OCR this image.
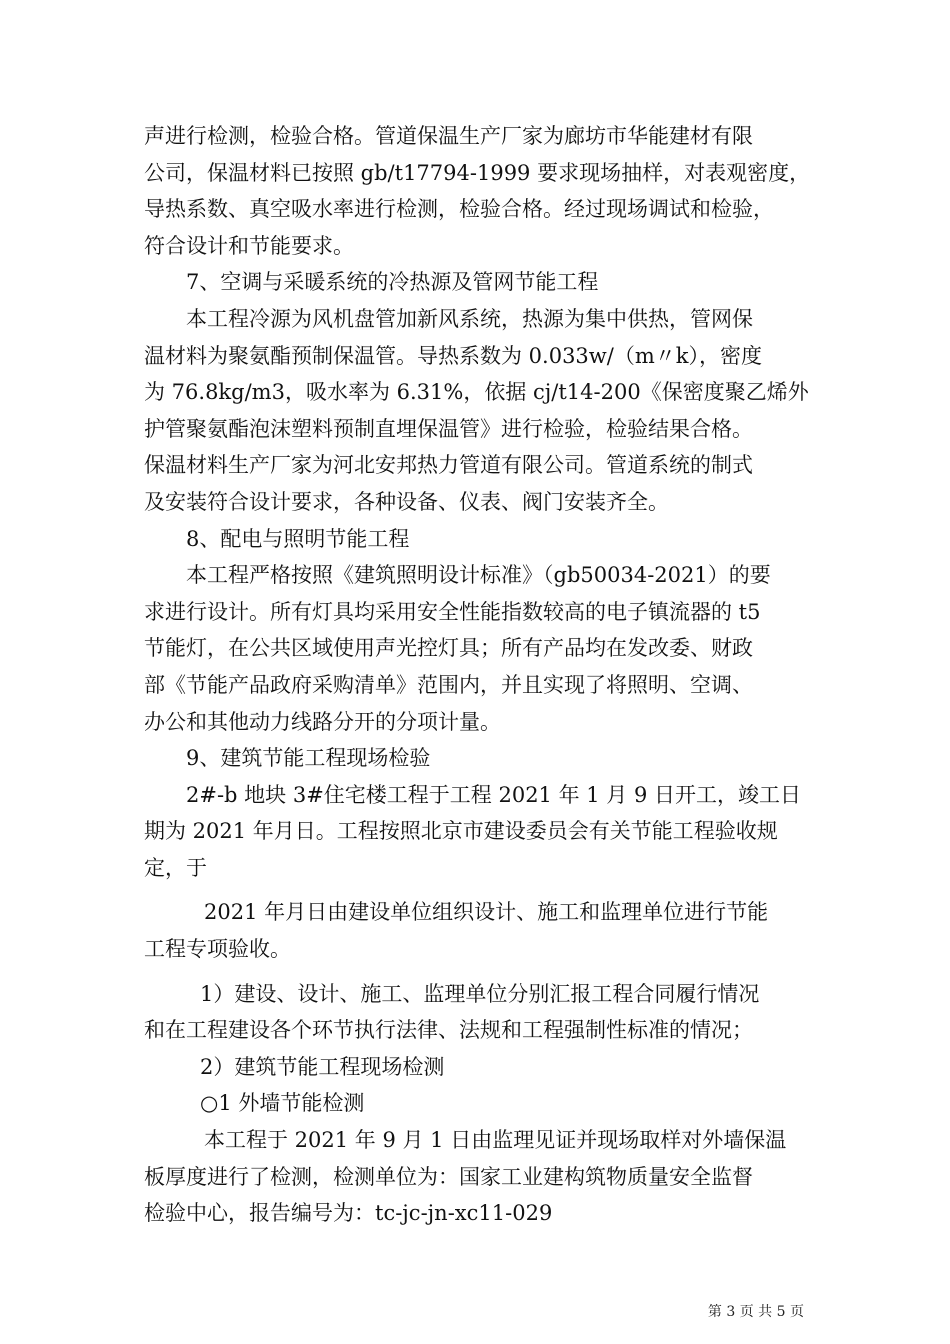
声进行检测，检验合格。管道保温生产厂家为廊坊市华能建材有限

公司，保温材料已按照 gb/t17794-1999 要求现场抽样，对表观密度，

导热系数、真空吸水率进行检测，检验合格。经过现场调试和检验，

符合设计和节能要求。

7、空调与采暖系统的冷热源及管网节能工程

本工程冷源为风机盘管加新风系统，热源为集中供热，管网保

温材料为聚氨酯预制保温管。导热系数为 0.033w/（m〃k），密度

为 76.8kg/m3，吸水率为 6.31%，依据 cj/t14-200《保密度聚乙烯外

护管聚氨酯泡沫塑料预制直埋保温管》进行检验，检验结果合格。

保温材料生产厂家为河北安邦热力管道有限公司。管道系统的制式

及安装符合设计要求，各种设备、仪表、阀门安装齐全。

8、配电与照明节能工程

本工程严格按照《建筑照明设计标准》（gb50034-2021）的要

求进行设计。所有灯具均采用安全性能指数较高的电子镇流器的 t5

节能灯，在公共区域使用声光控灯具；所有产品均在发改委、财政

部《节能产品政府采购清单》范围内，并且实现了将照明、空调、

办公和其他动力线路分开的分项计量。

9、建筑节能工程现场检验

2#-b 地块 3#住宅楼工程于工程 2021 年 1 月 9 日开工，竣工日

期为 2021 年月日。工程按照北京市建设委员会有关节能工程验收规

定，于

2021 年月日由建设单位组织设计、施工和监理单位进行节能

工程专项验收。

1）建设、设计、施工、监理单位分别汇报工程合同履行情况

和在工程建设各个环节执行法律、法规和工程强制性标准的情况；

2）建筑节能工程现场检测

○1 外墙节能检测

本工程于 2021 年 9 月 1 日由监理见证并现场取样对外墙保温

板厚度进行了检测，检测单位为：国家工业建构筑物质量安全监督

检验中心，报告编号为：tc-jc-jn-xc11-029

第 3 页 共 5 页
